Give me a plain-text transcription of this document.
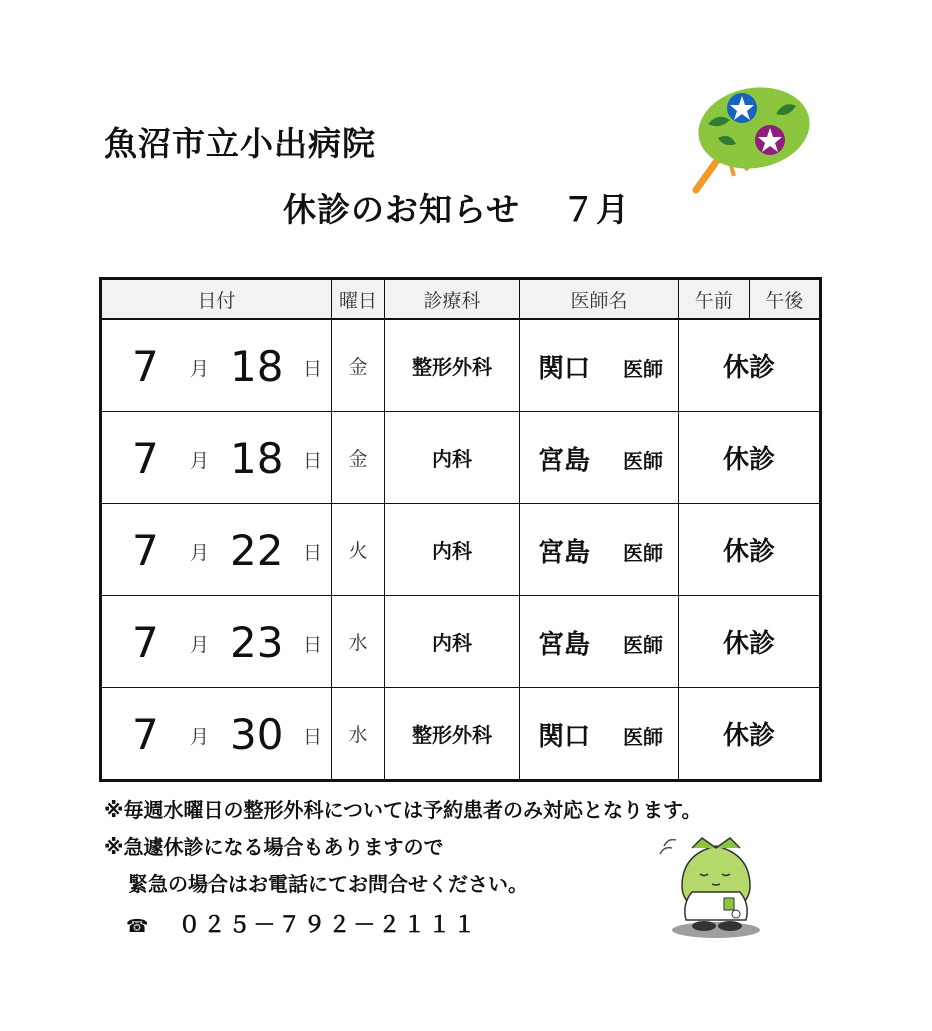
魚沼市立小出病院
休診のお知らせ ７月
日付	曜日	診療科	医師名	午前 午後

7 月 18 日	金	整形外科	関口 医師	休診

7 月 18 日	金	内科	宮島 医師	休診

7 月 22 日	火	内科	宮島 医師	休診

7 月 23 日	水	内科	宮島 医師	休診

7 月 30 日	水	整形外科	関口 医師	休診
※毎週水曜日の整形外科については予約患者のみ対応となります。
※急遽休診になる場合もありますので
緊急の場合はお電話にてお問合せください。
☎ ０２５－７９２－２１１１
